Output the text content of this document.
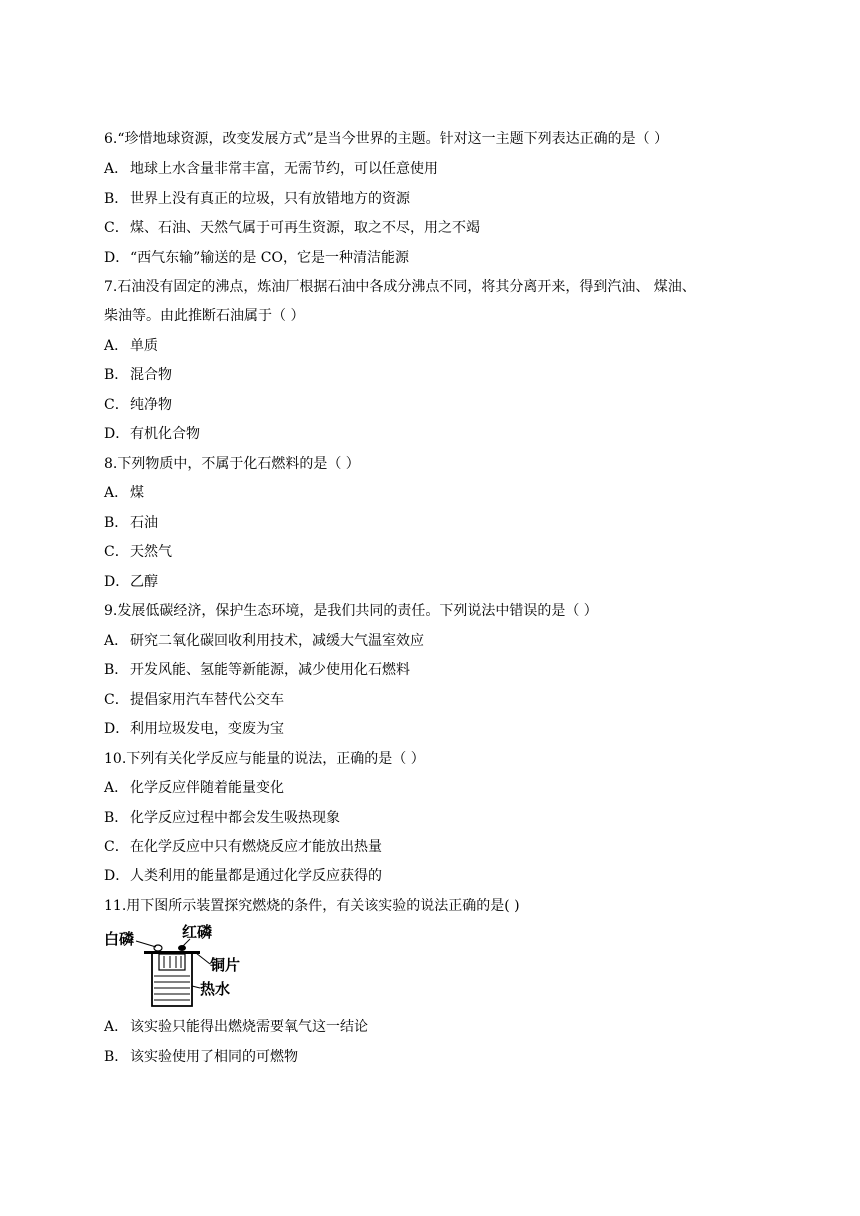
6.“珍惜地球资源，改变发展方式”是当今世界的主题。针对这一主题下列表达正确的是（ ）
A． 地球上水含量非常丰富，无需节约，可以任意使用
B． 世界上没有真正的垃圾，只有放错地方的资源
C．煤、石油、天然气属于可再生资源，取之不尽，用之不竭
D．“西气东输”输送的是 CO，它是一种清洁能源
7.石油没有固定的沸点，炼油厂根据石油中各成分沸点不同，将其分离开来，得到汽油、 煤油、
柴油等。由此推断石油属于（ ）
A． 单质
B． 混合物
C．纯净物
D．有机化合物
8.下列物质中，不属于化石燃料的是（ ）
A． 煤
B． 石油
C．天然气
D．乙醇
9.发展低碳经济，保护生态环境，是我们共同的责任。下列说法中错误的是（ ）
A． 研究二氧化碳回收利用技术，减缓大气温室效应
B． 开发风能、氢能等新能源，减少使用化石燃料
C．提倡家用汽车替代公交车
D．利用垃圾发电，变废为宝
10.下列有关化学反应与能量的说法，正确的是（ ）
A． 化学反应伴随着能量变化
B． 化学反应过程中都会发生吸热现象
C．在化学反应中只有燃烧反应才能放出热量
D．人类利用的能量都是通过化学反应获得的
11.用下图所示装置探究燃烧的条件，有关该实验的说法正确的是( )
白磷	红磷
铜片
热水
A． 该实验只能得出燃烧需要氧气这一结论
B． 该实验使用了相同的可燃物
